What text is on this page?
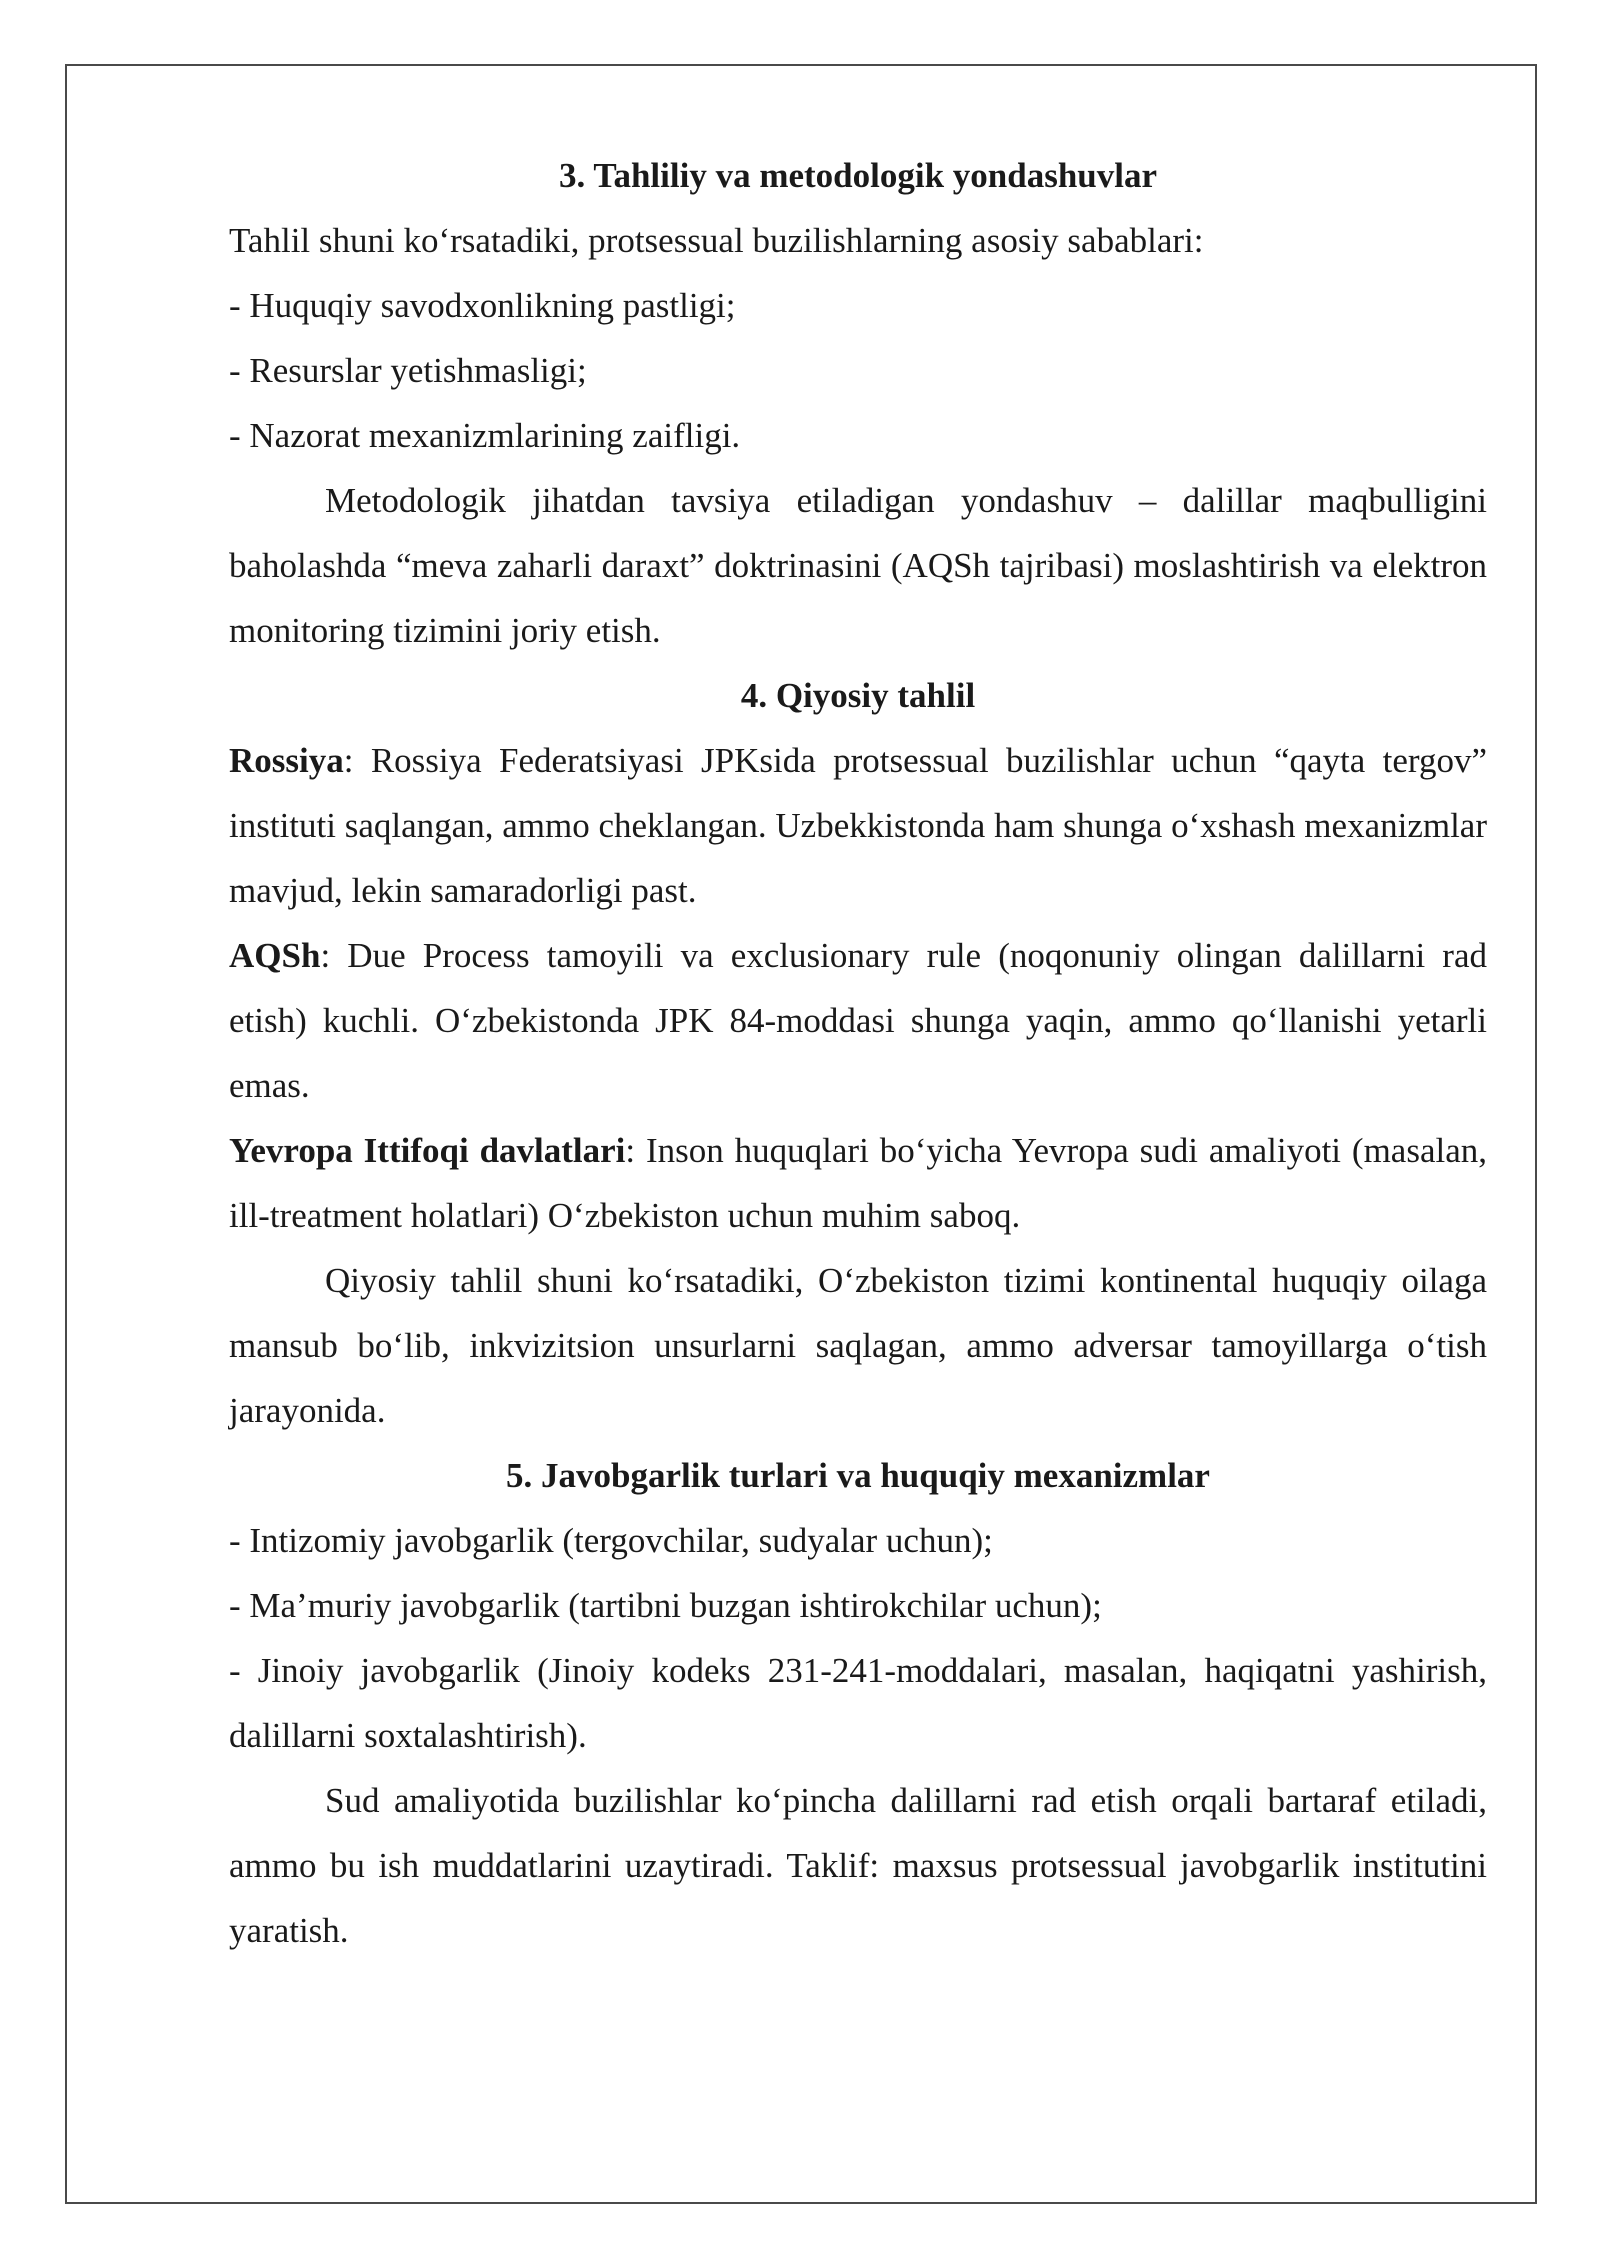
3. Tahliliy va metodologik yondashuvlar

Tahlil shuni ko‘rsatadiki, protsessual buzilishlarning asosiy sabablari:

- Huquqiy savodxonlikning pastligi;

- Resurslar yetishmasligi;

- Nazorat mexanizmlarining zaifligi.

Metodologik jihatdan tavsiya etiladigan yondashuv – dalillar maqbulligini baholashda “meva zaharli daraxt” doktrinasini (AQSh tajribasi) moslashtirish va elektron monitoring tizimini joriy etish.

4. Qiyosiy tahlil

Rossiya: Rossiya Federatsiyasi JPKsida protsessual buzilishlar uchun “qayta tergov” instituti saqlangan, ammo cheklangan. Uzbekkistonda ham shunga o‘xshash mexanizmlar mavjud, lekin samaradorligi past.

AQSh: Due Process tamoyili va exclusionary rule (noqonuniy olingan dalillarni rad etish) kuchli. O‘zbekistonda JPK 84-moddasi shunga yaqin, ammo qo‘llanishi yetarli emas.

Yevropa Ittifoqi davlatlari: Inson huquqlari bo‘yicha Yevropa sudi amaliyoti (masalan, ill-treatment holatlari) O‘zbekiston uchun muhim saboq.

Qiyosiy tahlil shuni ko‘rsatadiki, O‘zbekiston tizimi kontinental huquqiy oilaga mansub bo‘lib, inkvizitsion unsurlarni saqlagan, ammo adversar tamoyillarga o‘tish jarayonida.

5. Javobgarlik turlari va huquqiy mexanizmlar

- Intizomiy javobgarlik (tergovchilar, sudyalar uchun);

- Ma’muriy javobgarlik (tartibni buzgan ishtirokchilar uchun);

- Jinoiy javobgarlik (Jinoiy kodeks 231-241-moddalari, masalan, haqiqatni yashirish, dalillarni soxtalashtirish).

Sud amaliyotida buzilishlar ko‘pincha dalillarni rad etish orqali bartaraf etiladi, ammo bu ish muddatlarini uzaytiradi. Taklif: maxsus protsessual javobgarlik institutini yaratish.
